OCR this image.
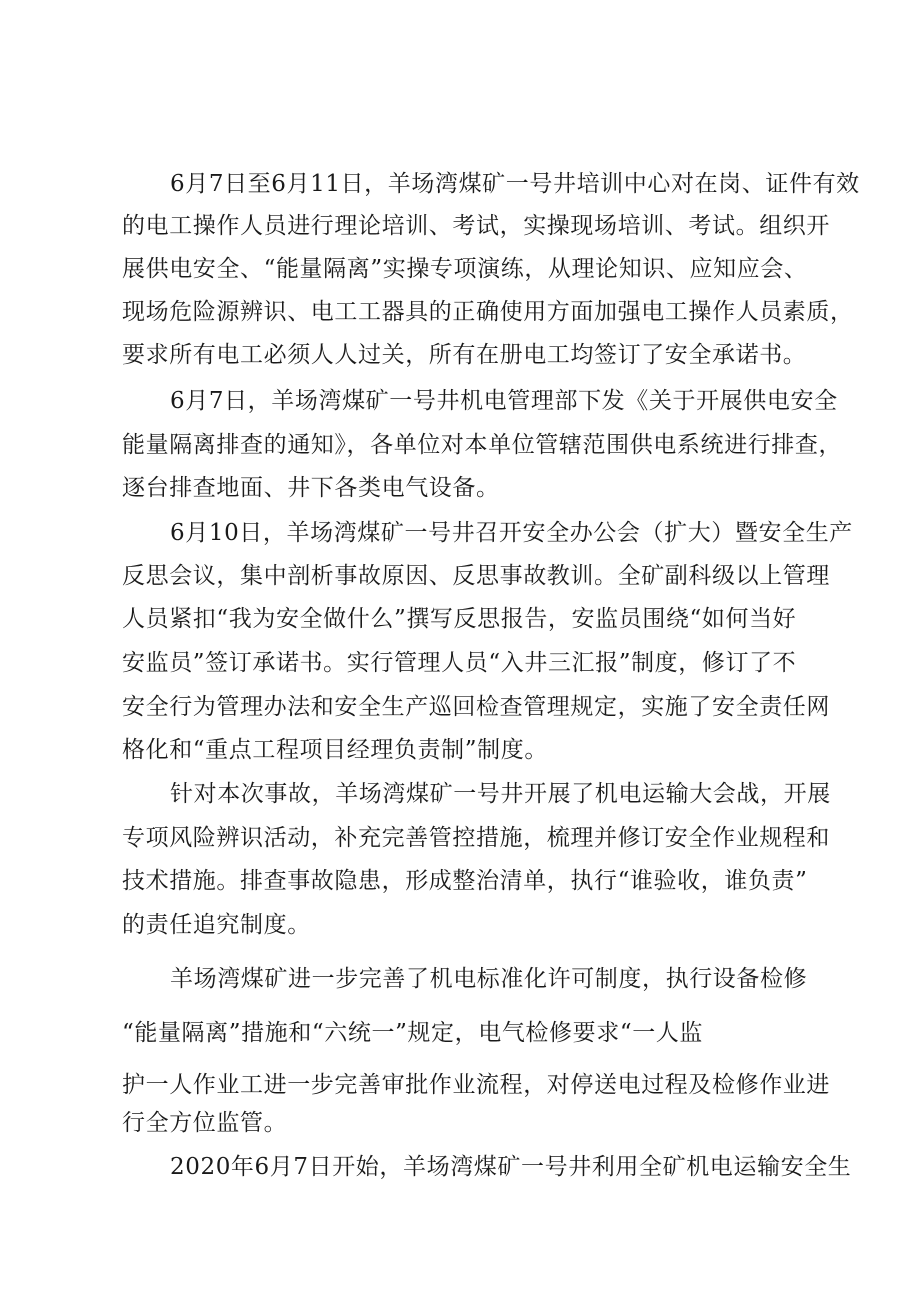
6月7日至6月11日，羊场湾煤矿一号井培训中心对在岗、证件有效
的电工操作人员进行理论培训、考试，实操现场培训、考试。组织开
展供电安全、“能量隔离”实操专项演练，从理论知识、应知应会、
现场危险源辨识、电工工器具的正确使用方面加强电工操作人员素质，
要求所有电工必须人人过关，所有在册电工均签订了安全承诺书。
6月7日，羊场湾煤矿一号井机电管理部下发《关于开展供电安全
能量隔离排查的通知》，各单位对本单位管辖范围供电系统进行排查，
逐台排查地面、井下各类电气设备。
6月10日，羊场湾煤矿一号井召开安全办公会（扩大）暨安全生产
反思会议，集中剖析事故原因、反思事故教训。全矿副科级以上管理
人员紧扣“我为安全做什么”撰写反思报告，安监员围绕“如何当好
安监员”签订承诺书。实行管理人员“入井三汇报”制度，修订了不
安全行为管理办法和安全生产巡回检查管理规定，实施了安全责任网
格化和“重点工程项目经理负责制”制度。
针对本次事故，羊场湾煤矿一号井开展了机电运输大会战，开展
专项风险辨识活动，补充完善管控措施，梳理并修订安全作业规程和
技术措施。排查事故隐患，形成整治清单，执行“谁验收，谁负责”
的责任追究制度。
羊场湾煤矿进一步完善了机电标准化许可制度，执行设备检修
“能量隔离”措施和“六统一”规定，电气检修要求“一人监
护一人作业工进一步完善审批作业流程，对停送电过程及检修作业进
行全方位监管。
2020年6月7日开始，羊场湾煤矿一号井利用全矿机电运输安全生
